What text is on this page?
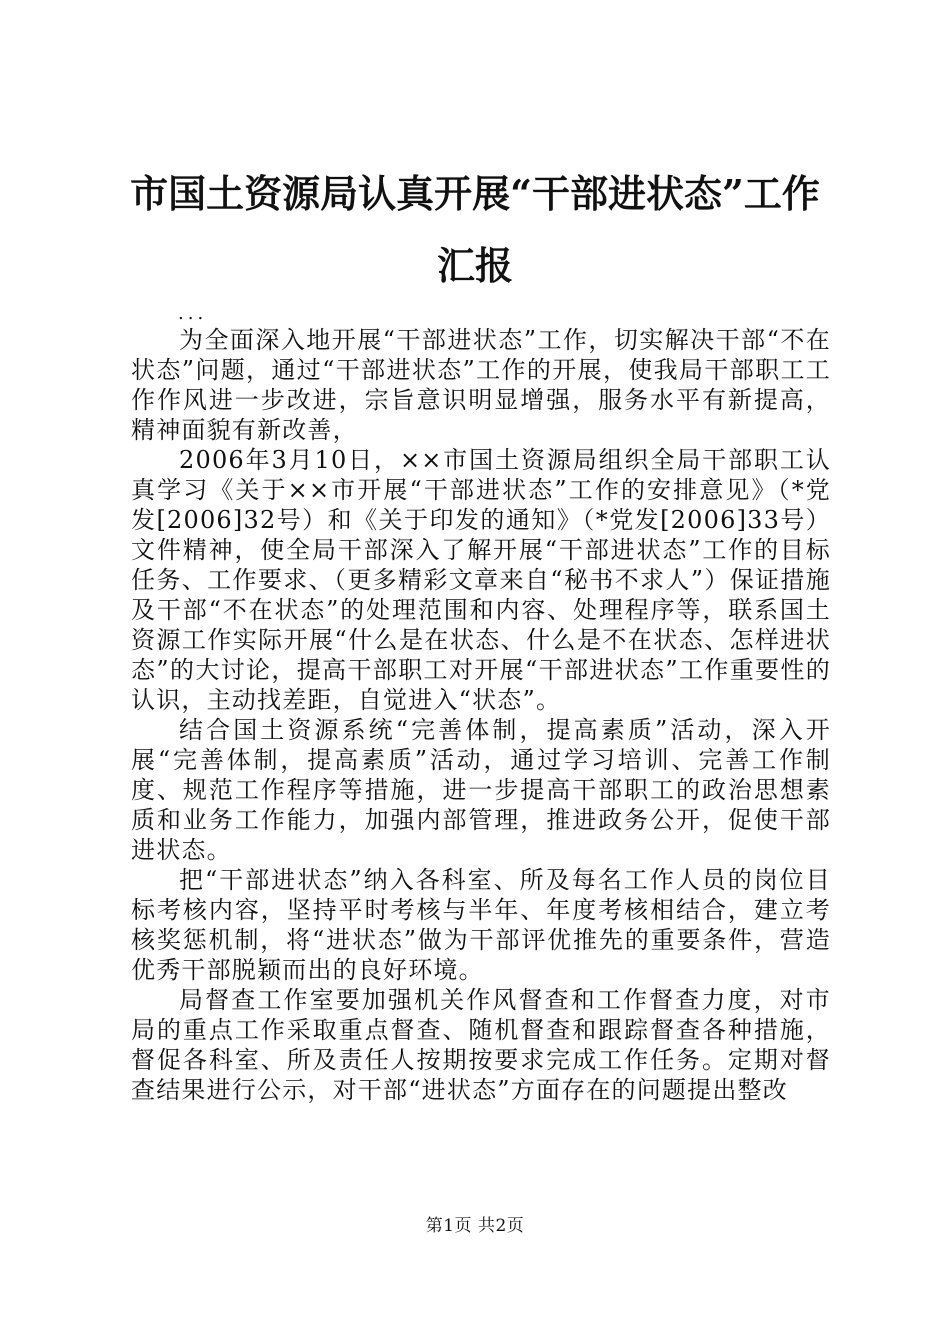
市国土资源局认真开展“干部进状态”工作汇报
...

为全面深入地开展“干部进状态”工作，切实解决干部“不在状态”问题，通过“干部进状态”工作的开展，使我局干部职工工作作风进一步改进，宗旨意识明显增强，服务水平有新提高，精神面貌有新改善，

2006年3月10日，××市国土资源局组织全局干部职工认真学习《关于××市开展“干部进状态”工作的安排意见》（*党发[2006]32号）和《关于印发的通知》（*党发[2006]33号）文件精神，使全局干部深入了解开展“干部进状态”工作的目标任务、工作要求、（更多精彩文章来自“秘书不求人”）保证措施及干部“不在状态”的处理范围和内容、处理程序等，联系国土资源工作实际开展“什么是在状态、什么是不在状态、怎样进状态”的大讨论，提高干部职工对开展“干部进状态”工作重要性的认识，主动找差距，自觉进入“状态”。

结合国土资源系统“完善体制，提高素质”活动，深入开展“完善体制，提高素质”活动，通过学习培训、完善工作制度、规范工作程序等措施，进一步提高干部职工的政治思想素质和业务工作能力，加强内部管理，推进政务公开，促使干部进状态。

把“干部进状态”纳入各科室、所及每名工作人员的岗位目标考核内容，坚持平时考核与半年、年度考核相结合，建立考核奖惩机制，将“进状态”做为干部评优推先的重要条件，营造优秀干部脱颖而出的良好环境。

局督查工作室要加强机关作风督查和工作督查力度，对市局的重点工作采取重点督查、随机督查和跟踪督查各种措施，督促各科室、所及责任人按期按要求完成工作任务。定期对督查结果进行公示，对干部“进状态”方面存在的问题提出整改

第1页 共2页
